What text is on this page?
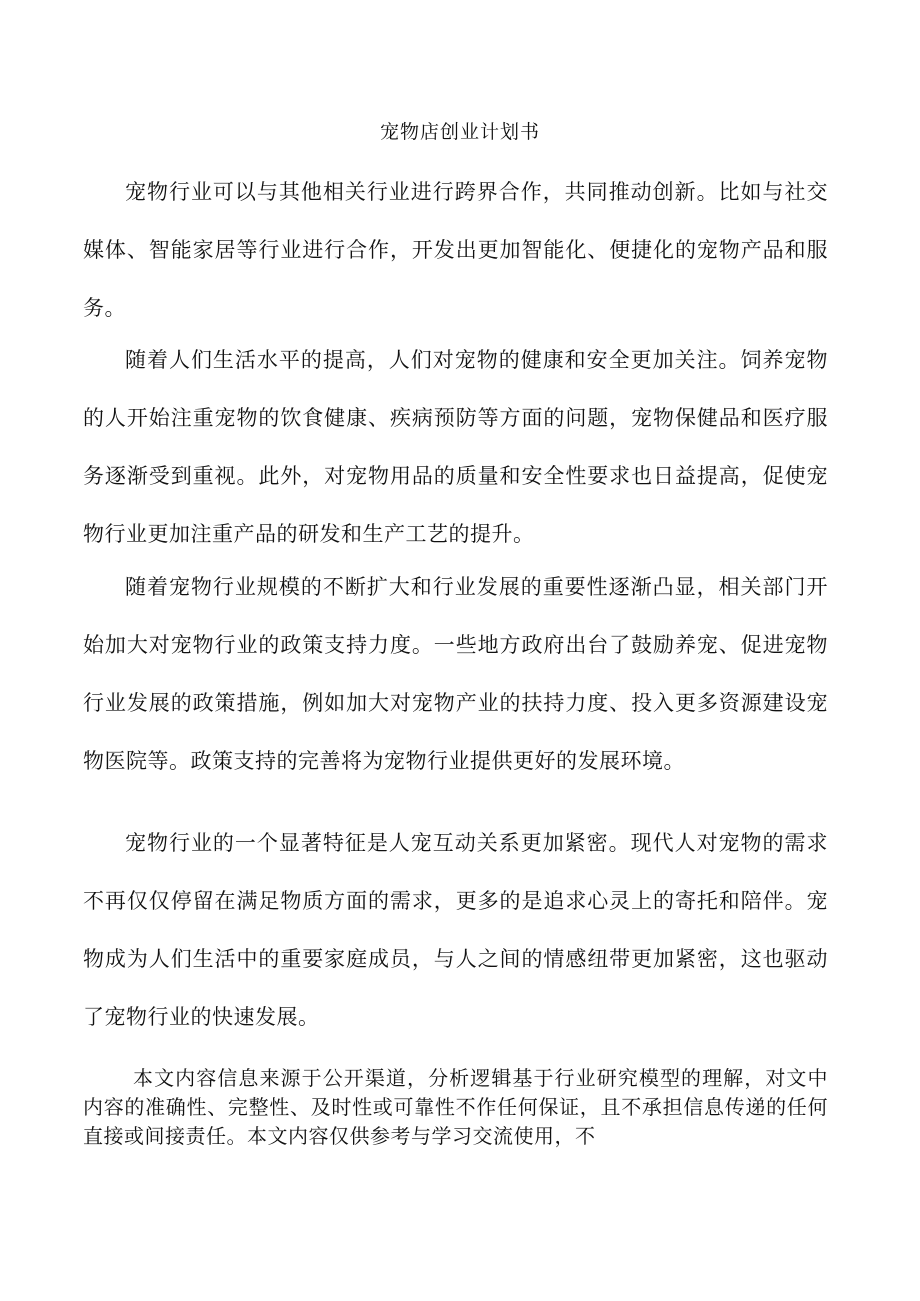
宠物店创业计划书

宠物行业可以与其他相关行业进行跨界合作，共同推动创新。比如与社交媒体、智能家居等行业进行合作，开发出更加智能化、便捷化的宠物产品和服务。

随着人们生活水平的提高，人们对宠物的健康和安全更加关注。饲养宠物的人开始注重宠物的饮食健康、疾病预防等方面的问题，宠物保健品和医疗服务逐渐受到重视。此外，对宠物用品的质量和安全性要求也日益提高，促使宠物行业更加注重产品的研发和生产工艺的提升。

随着宠物行业规模的不断扩大和行业发展的重要性逐渐凸显，相关部门开始加大对宠物行业的政策支持力度。一些地方政府出台了鼓励养宠、促进宠物行业发展的政策措施，例如加大对宠物产业的扶持力度、投入更多资源建设宠物医院等。政策支持的完善将为宠物行业提供更好的发展环境。

宠物行业的一个显著特征是人宠互动关系更加紧密。现代人对宠物的需求不再仅仅停留在满足物质方面的需求，更多的是追求心灵上的寄托和陪伴。宠物成为人们生活中的重要家庭成员，与人之间的情感纽带更加紧密，这也驱动了宠物行业的快速发展。

本文内容信息来源于公开渠道，分析逻辑基于行业研究模型的理解，对文中内容的准确性、完整性、及时性或可靠性不作任何保证，且不承担信息传递的任何直接或间接责任。本文内容仅供参考与学习交流使用，不
